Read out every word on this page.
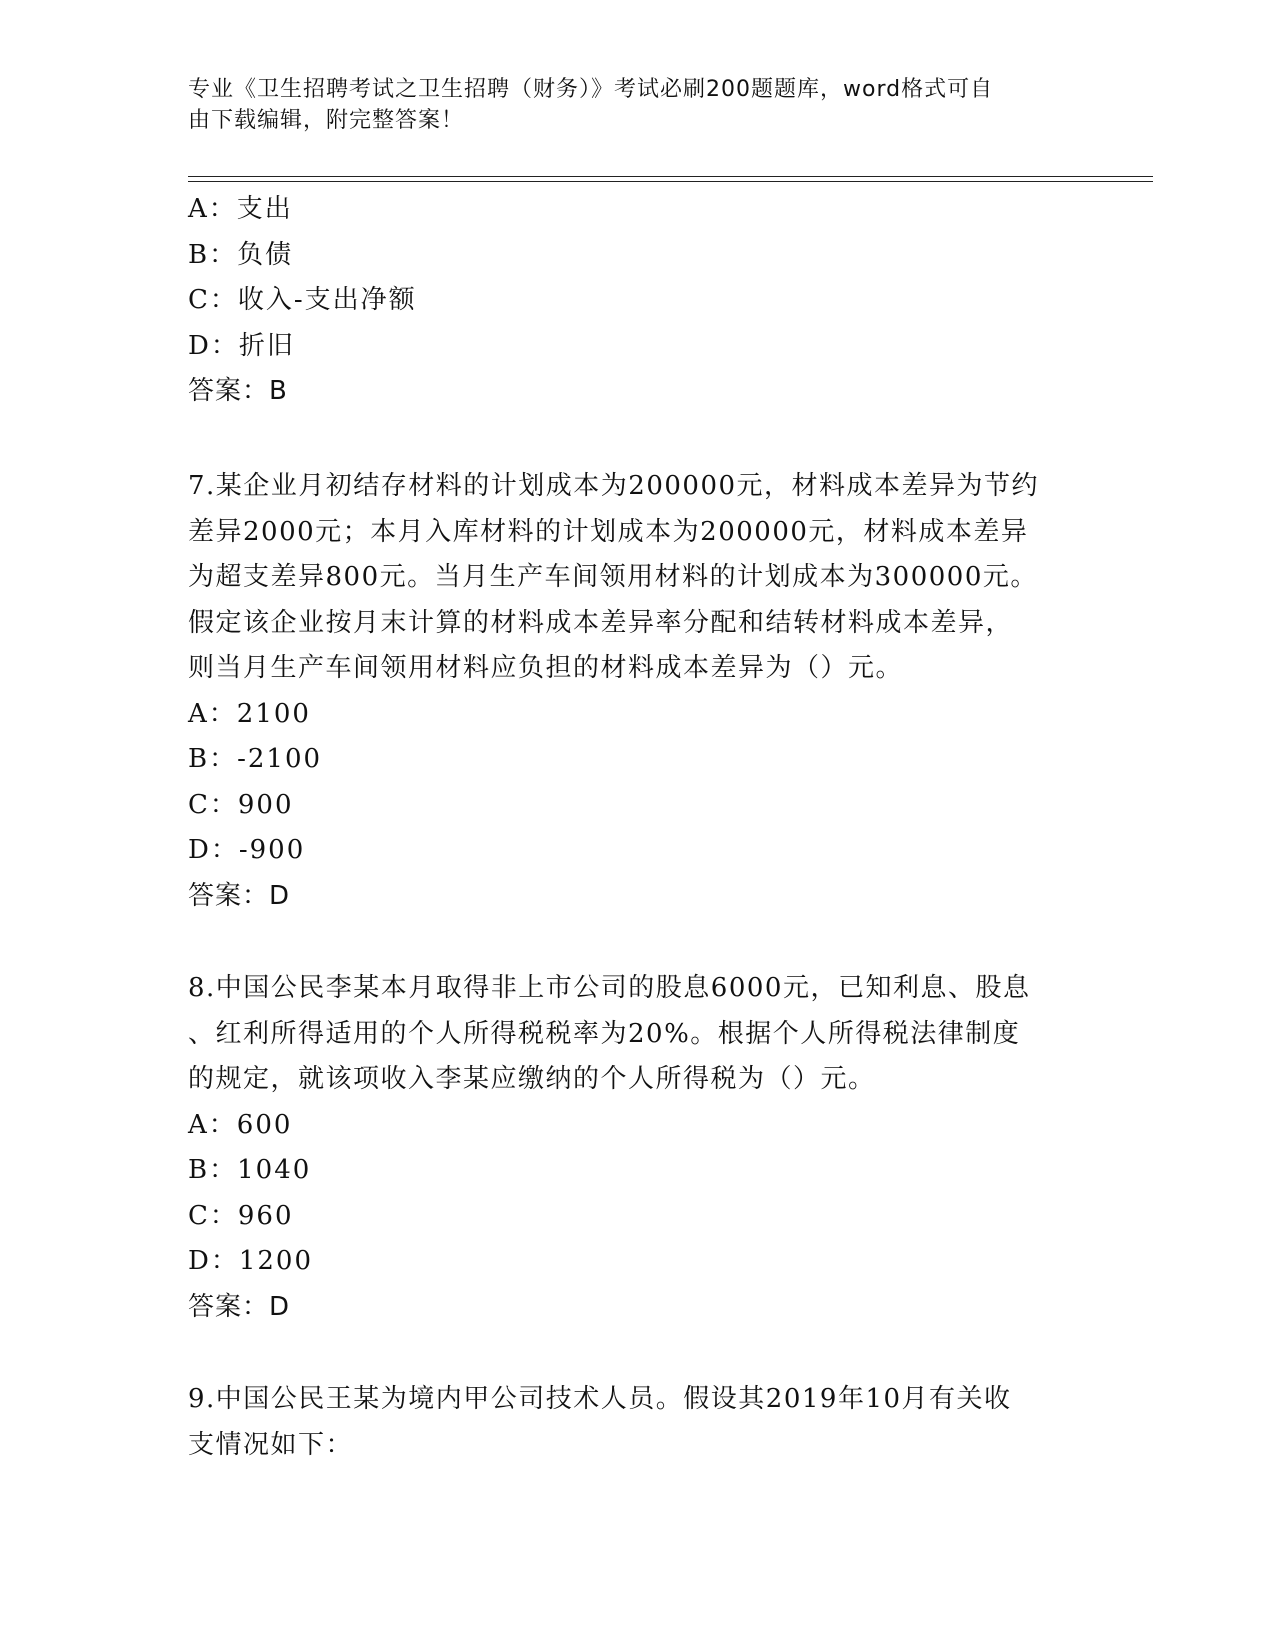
专业《卫生招聘考试之卫生招聘（财务）》考试必刷200题题库，word格式可自
由下载编辑，附完整答案！
A：支出
B：负债
C：收入-支出净额
D：折旧
答案：B
7.某企业月初结存材料的计划成本为200000元，材料成本差异为节约
差异2000元；本月入库材料的计划成本为200000元，材料成本差异
为超支差异800元。当月生产车间领用材料的计划成本为300000元。
假定该企业按月末计算的材料成本差异率分配和结转材料成本差异，
则当月生产车间领用材料应负担的材料成本差异为（）元。
A：2100
B：-2100
C：900
D：-900
答案：D
8.中国公民李某本月取得非上市公司的股息6000元，已知利息、股息
、红利所得适用的个人所得税税率为20%。根据个人所得税法律制度
的规定，就该项收入李某应缴纳的个人所得税为（）元。
A：600
B：1040
C：960
D：1200
答案：D
9.中国公民王某为境内甲公司技术人员。假设其2019年10月有关收
支情况如下：
